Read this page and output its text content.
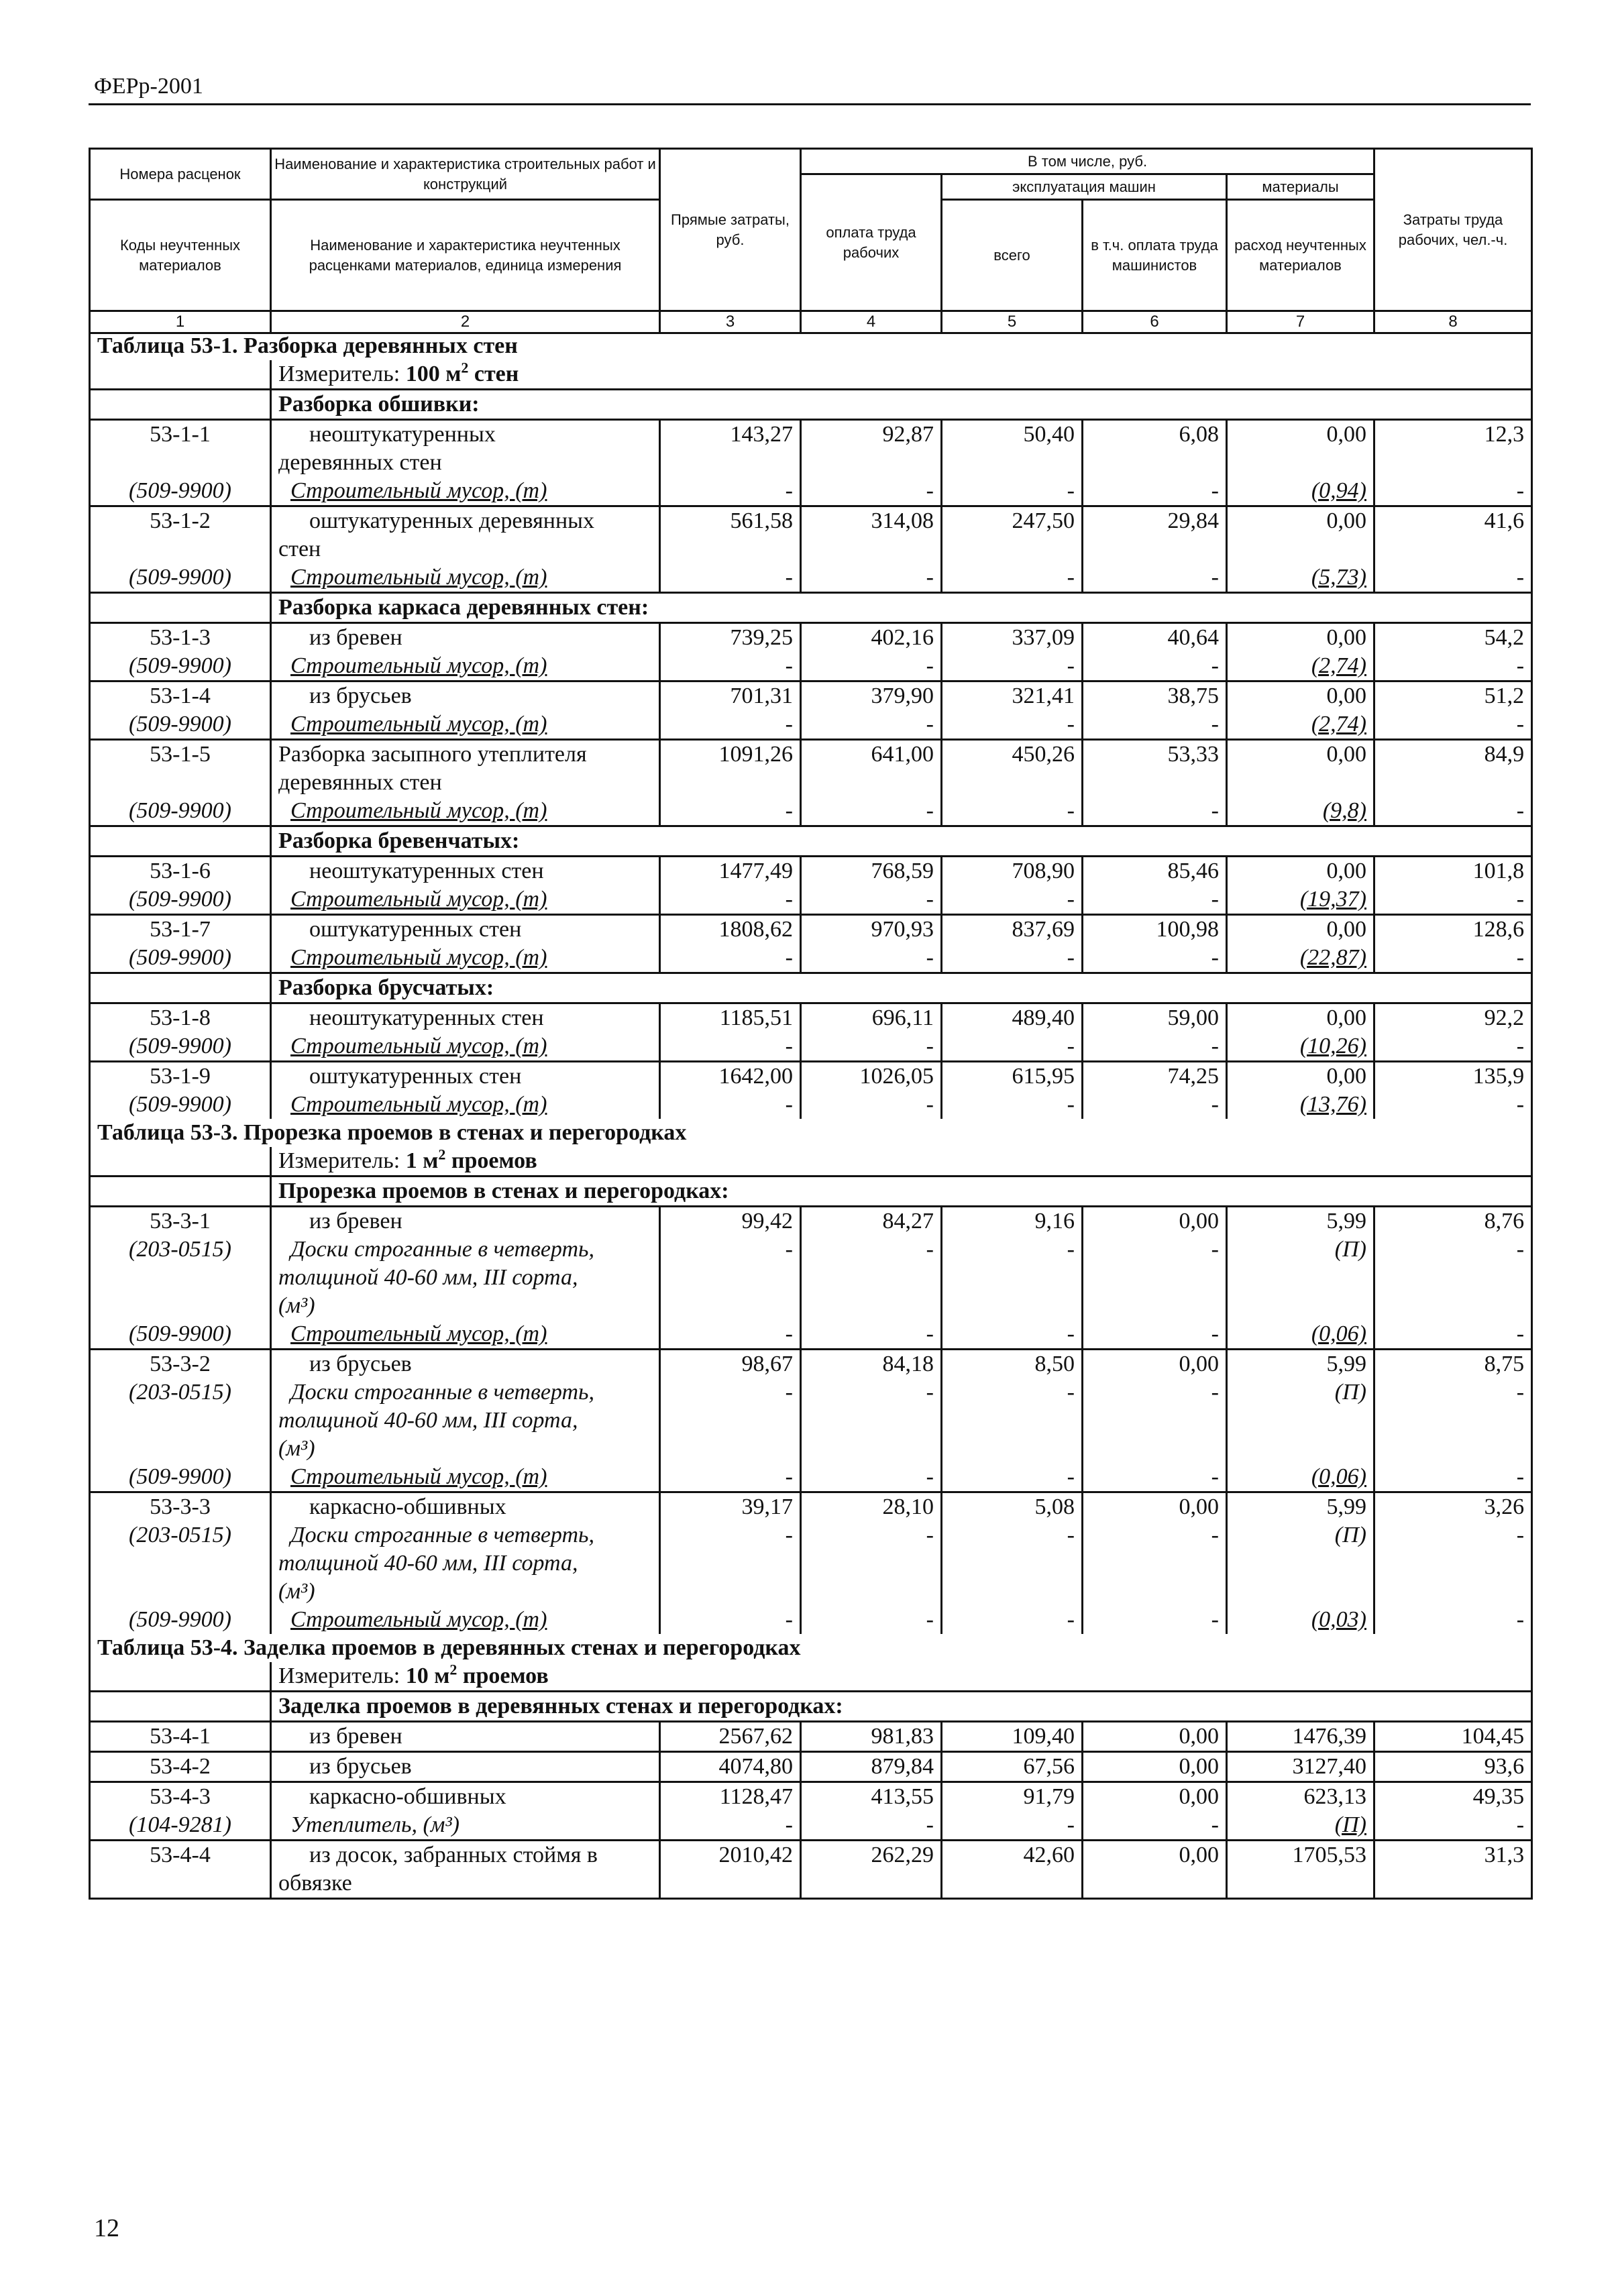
ФЕРр-2001
Номера расценок	Наименование и характеристика строительных работ и конструкций	Прямые затраты, руб.	В том числе, руб.				Затраты труда рабочих, чел.-ч.
			оплата труда рабочих	эксплуатация машин		материалы	
Коды неучтенных материалов	Наименование и характеристика неучтенных расценками материалов, единица измерения			всего	в т.ч. оплата труда машинистов	расход неучтенных материалов	

1	2	3	4	5	6	7	8
Таблица 53-1. Разборка деревянных стен							
	Измеритель: 100 $м^2$ стен						
	Разборка обшивки:						
53-1-1	неоштукатуренных	143,27	92,87	50,40	6,08	0,00	12,3
	деревянных стен						
(509-9900)	Строительный мусор, (т)	-	-	-	-	(0,94)	-
53-1-2	оштукатуренных деревянных	561,58	314,08	247,50	29,84	0,00	41,6
	стен						
(509-9900)	Строительный мусор, (т)	-	-	-	-	(5,73)	-
	Разборка каркаса деревянных стен:						
53-1-3	из бревен	739,25	402,16	337,09	40,64	0,00	54,2
(509-9900)	Строительный мусор, (т)	-	-	-	-	(2,74)	-
53-1-4	из брусьев	701,31	379,90	321,41	38,75	0,00	51,2
(509-9900)	Строительный мусор, (т)	-	-	-	-	(2,74)	-
53-1-5	Разборка засыпного утеплителя	1091,26	641,00	450,26	53,33	0,00	84,9
	деревянных стен						
(509-9900)	Строительный мусор, (т)	-	-	-	-	(9,8)	-
	Разборка бревенчатых:						
53-1-6	неоштукатуренных стен	1477,49	768,59	708,90	85,46	0,00	101,8
(509-9900)	Строительный мусор, (т)	-	-	-	-	(19,37)	-
53-1-7	оштукатуренных стен	1808,62	970,93	837,69	100,98	0,00	128,6
(509-9900)	Строительный мусор, (т)	-	-	-	-	(22,87)	-
	Разборка брусчатых:						
53-1-8	неоштукатуренных стен	1185,51	696,11	489,40	59,00	0,00	92,2
(509-9900)	Строительный мусор, (т)	-	-	-	-	(10,26)	-
53-1-9	оштукатуренных стен	1642,00	1026,05	615,95	74,25	0,00	135,9
(509-9900)	Строительный мусор, (т)	-	-	-	-	(13,76)	-
Таблица 53-3. Прорезка проемов в стенах и перегородках							
	Измеритель: 1 $м^2$ проемов						
	Прорезка проемов в стенах и перегородках:						
53-3-1	из бревен	99,42	84,27	9,16	0,00	5,99	8,76
(203-0515)	Доски строганные в четверть,	-	-	-	-	(П)	-
	толщиной 40-60 мм, III сорта,						
	(м³)						
(509-9900)	Строительный мусор, (т)	-	-	-	-	(0,06)	-
53-3-2	из брусьев	98,67	84,18	8,50	0,00	5,99	8,75
(203-0515)	Доски строганные в четверть,	-	-	-	-	(П)	-
	толщиной 40-60 мм, III сорта,						
	(м³)						
(509-9900)	Строительный мусор, (т)	-	-	-	-	(0,06)	-
53-3-3	каркасно-обшивных	39,17	28,10	5,08	0,00	5,99	3,26
(203-0515)	Доски строганные в четверть,	-	-	-	-	(П)	-
	толщиной 40-60 мм, III сорта,						
	(м³)						
(509-9900)	Строительный мусор, (т)	-	-	-	-	(0,03)	-
Таблица 53-4. Заделка проемов в деревянных стенах и перегородках							
	Измеритель: 10 $м^2$ проемов						
	Заделка проемов в деревянных стенах и перегородках:						
53-4-1	из бревен	2567,62	981,83	109,40	0,00	1476,39	104,45
53-4-2	из брусьев	4074,80	879,84	67,56	0,00	3127,40	93,6
53-4-3	каркасно-обшивных	1128,47	413,55	91,79	0,00	623,13	49,35
(104-9281)	Утеплитель, (м³)	-	-	-	-	(П)	-
53-4-4	из досок, забранных стоймя в	2010,42	262,29	42,60	0,00	1705,53	31,3
	обвязке						
12
